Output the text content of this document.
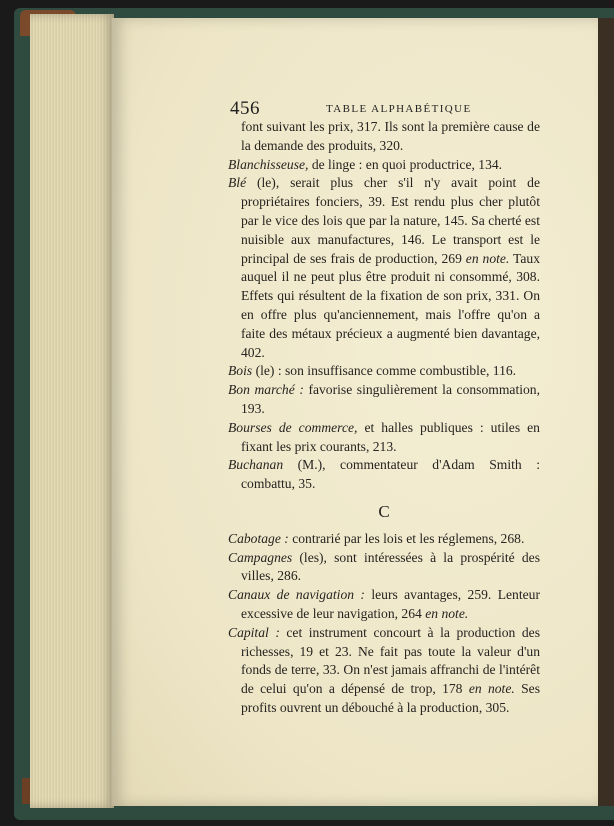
456	TABLE ALPHABÉTIQUE

font suivant les prix, 317. Ils sont la première cause de la demande des produits, 320.

Blanchisseuse, de linge : en quoi productrice, 134.

Blé (le), serait plus cher s'il n'y avait point de propriétaires fonciers, 39. Est rendu plus cher plutôt par le vice des lois que par la nature, 145. Sa cherté est nuisible aux manufactures, 146. Le transport est le principal de ses frais de production, 269 en note. Taux auquel il ne peut plus être produit ni consommé, 308. Effets qui résultent de la fixation de son prix, 331. On en offre plus qu'anciennement, mais l'offre qu'on a faite des métaux précieux a augmenté bien davantage, 402.

Bois (le) : son insuffisance comme combustible, 116.

Bon marché : favorise singulièrement la consommation, 193.

Bourses de commerce, et halles publiques : utiles en fixant les prix courants, 213.

Buchanan (M.), commentateur d'Adam Smith : combattu, 35.

C

Cabotage : contrarié par les lois et les réglemens, 268.

Campagnes (les), sont intéressées à la prospérité des villes, 286.

Canaux de navigation : leurs avantages, 259. Lenteur excessive de leur navigation, 264 en note.

Capital : cet instrument concourt à la production des richesses, 19 et 23. Ne fait pas toute la valeur d'un fonds de terre, 33. On n'est jamais affranchi de l'intérêt de celui qu'on a dépensé de trop, 178 en note. Ses profits ouvrent un débouché à la production, 305.
